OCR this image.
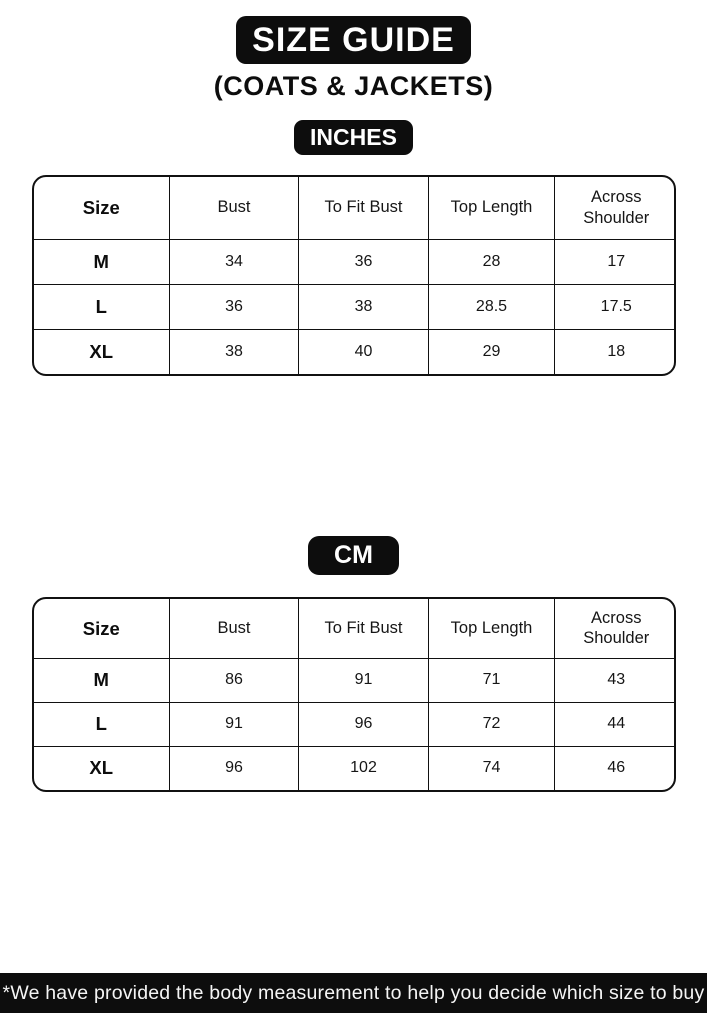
SIZE GUIDE
(COATS & JACKETS)
INCHES
Size	Bust	To Fit Bust	Top Length	Across Shoulder
M	34	36	28	17
L	36	38	28.5	17.5
XL	38	40	29	18
CM
Size	Bust	To Fit Bust	Top Length	Across Shoulder
M	86	91	71	43
L	91	96	72	44
XL	96	102	74	46
*We have provided the body measurement to help you decide which size to buy
